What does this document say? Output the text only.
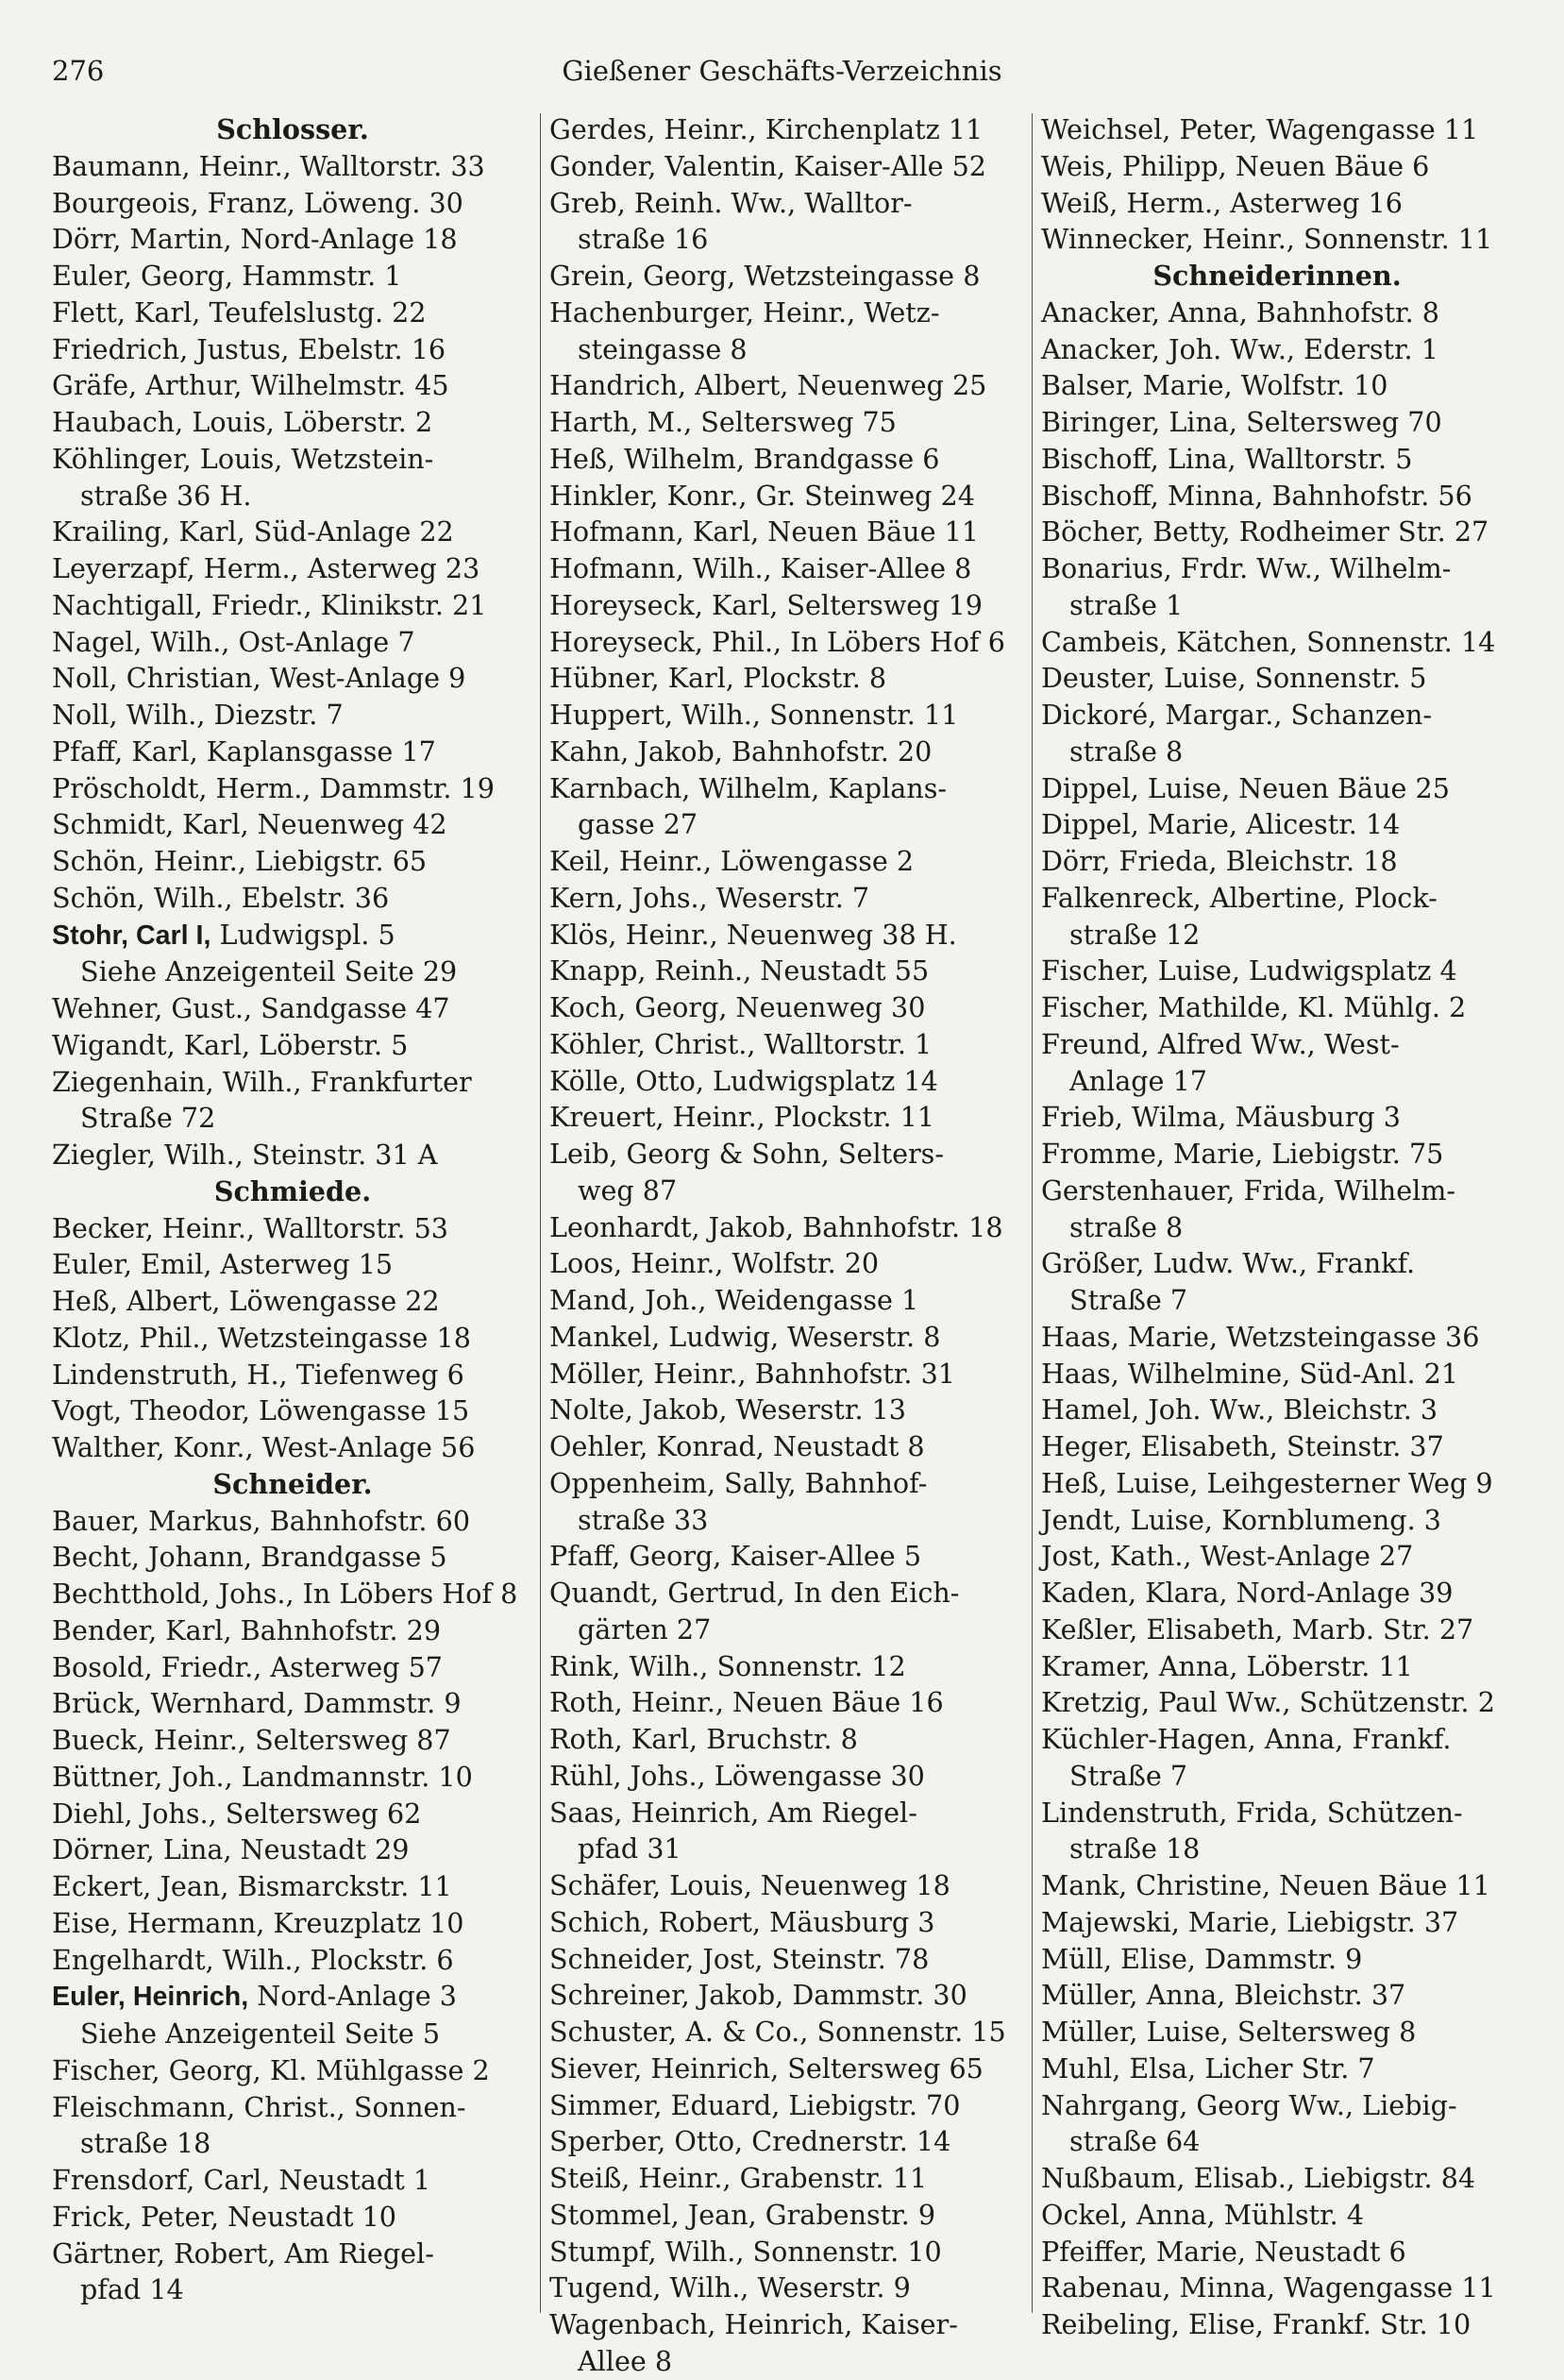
276	Gießener Geschäfts-Verzeichnis
Schlosser.
Baumann, Heinr., Walltorstr. 33
Bourgeois, Franz, Löweng. 30
Dörr, Martin, Nord-Anlage 18
Euler, Georg, Hammstr. 1
Flett, Karl, Teufelslustg. 22
Friedrich, Justus, Ebelstr. 16
Gräfe, Arthur, Wilhelmstr. 45
Haubach, Louis, Löberstr. 2
Köhlinger, Louis, Wetzstein-
straße 36 H.
Krailing, Karl, Süd-Anlage 22
Leyerzapf, Herm., Asterweg 23
Nachtigall, Friedr., Klinikstr. 21
Nagel, Wilh., Ost-Anlage 7
Noll, Christian, West-Anlage 9
Noll, Wilh., Diezstr. 7
Pfaff, Karl, Kaplansgasse 17
Pröscholdt, Herm., Dammstr. 19
Schmidt, Karl, Neuenweg 42
Schön, Heinr., Liebigstr. 65
Schön, Wilh., Ebelstr. 36
Stohr, Carl I, Ludwigspl. 5
Siehe Anzeigenteil Seite 29
Wehner, Gust., Sandgasse 47
Wigandt, Karl, Löberstr. 5
Ziegenhain, Wilh., Frankfurter
Straße 72
Ziegler, Wilh., Steinstr. 31 A
Schmiede.
Becker, Heinr., Walltorstr. 53
Euler, Emil, Asterweg 15
Heß, Albert, Löwengasse 22
Klotz, Phil., Wetzsteingasse 18
Lindenstruth, H., Tiefenweg 6
Vogt, Theodor, Löwengasse 15
Walther, Konr., West-Anlage 56
Schneider.
Bauer, Markus, Bahnhofstr. 60
Becht, Johann, Brandgasse 5
Bechtthold, Johs., In Löbers Hof 8
Bender, Karl, Bahnhofstr. 29
Bosold, Friedr., Asterweg 57
Brück, Wernhard, Dammstr. 9
Bueck, Heinr., Seltersweg 87
Büttner, Joh., Landmannstr. 10
Diehl, Johs., Seltersweg 62
Dörner, Lina, Neustadt 29
Eckert, Jean, Bismarckstr. 11
Eise, Hermann, Kreuzplatz 10
Engelhardt, Wilh., Plockstr. 6
Euler, Heinrich, Nord-Anlage 3
Siehe Anzeigenteil Seite 5
Fischer, Georg, Kl. Mühlgasse 2
Fleischmann, Christ., Sonnen-
straße 18
Frensdorf, Carl, Neustadt 1
Frick, Peter, Neustadt 10
Gärtner, Robert, Am Riegel-
pfad 14
Gerdes, Heinr., Kirchenplatz 11
Gonder, Valentin, Kaiser-Alle 52
Greb, Reinh. Ww., Walltor-
straße 16
Grein, Georg, Wetzsteingasse 8
Hachenburger, Heinr., Wetz-
steingasse 8
Handrich, Albert, Neuenweg 25
Harth, M., Seltersweg 75
Heß, Wilhelm, Brandgasse 6
Hinkler, Konr., Gr. Steinweg 24
Hofmann, Karl, Neuen Bäue 11
Hofmann, Wilh., Kaiser-Allee 8
Horeyseck, Karl, Seltersweg 19
Horeyseck, Phil., In Löbers Hof 6
Hübner, Karl, Plockstr. 8
Huppert, Wilh., Sonnenstr. 11
Kahn, Jakob, Bahnhofstr. 20
Karnbach, Wilhelm, Kaplans-
gasse 27
Keil, Heinr., Löwengasse 2
Kern, Johs., Weserstr. 7
Klös, Heinr., Neuenweg 38 H.
Knapp, Reinh., Neustadt 55
Koch, Georg, Neuenweg 30
Köhler, Christ., Walltorstr. 1
Kölle, Otto, Ludwigsplatz 14
Kreuert, Heinr., Plockstr. 11
Leib, Georg & Sohn, Selters-
weg 87
Leonhardt, Jakob, Bahnhofstr. 18
Loos, Heinr., Wolfstr. 20
Mand, Joh., Weidengasse 1
Mankel, Ludwig, Weserstr. 8
Möller, Heinr., Bahnhofstr. 31
Nolte, Jakob, Weserstr. 13
Oehler, Konrad, Neustadt 8
Oppenheim, Sally, Bahnhof-
straße 33
Pfaff, Georg, Kaiser-Allee 5
Quandt, Gertrud, In den Eich-
gärten 27
Rink, Wilh., Sonnenstr. 12
Roth, Heinr., Neuen Bäue 16
Roth, Karl, Bruchstr. 8
Rühl, Johs., Löwengasse 30
Saas, Heinrich, Am Riegel-
pfad 31
Schäfer, Louis, Neuenweg 18
Schich, Robert, Mäusburg 3
Schneider, Jost, Steinstr. 78
Schreiner, Jakob, Dammstr. 30
Schuster, A. & Co., Sonnenstr. 15
Siever, Heinrich, Seltersweg 65
Simmer, Eduard, Liebigstr. 70
Sperber, Otto, Crednerstr. 14
Steiß, Heinr., Grabenstr. 11
Stommel, Jean, Grabenstr. 9
Stumpf, Wilh., Sonnenstr. 10
Tugend, Wilh., Weserstr. 9
Wagenbach, Heinrich, Kaiser-
Allee 8
Weichsel, Peter, Wagengasse 11
Weis, Philipp, Neuen Bäue 6
Weiß, Herm., Asterweg 16
Winnecker, Heinr., Sonnenstr. 11
Schneiderinnen.
Anacker, Anna, Bahnhofstr. 8
Anacker, Joh. Ww., Ederstr. 1
Balser, Marie, Wolfstr. 10
Biringer, Lina, Seltersweg 70
Bischoff, Lina, Walltorstr. 5
Bischoff, Minna, Bahnhofstr. 56
Böcher, Betty, Rodheimer Str. 27
Bonarius, Frdr. Ww., Wilhelm-
straße 1
Cambeis, Kätchen, Sonnenstr. 14
Deuster, Luise, Sonnenstr. 5
Dickoré, Margar., Schanzen-
straße 8
Dippel, Luise, Neuen Bäue 25
Dippel, Marie, Alicestr. 14
Dörr, Frieda, Bleichstr. 18
Falkenreck, Albertine, Plock-
straße 12
Fischer, Luise, Ludwigsplatz 4
Fischer, Mathilde, Kl. Mühlg. 2
Freund, Alfred Ww., West-
Anlage 17
Frieb, Wilma, Mäusburg 3
Fromme, Marie, Liebigstr. 75
Gerstenhauer, Frida, Wilhelm-
straße 8
Größer, Ludw. Ww., Frankf.
Straße 7
Haas, Marie, Wetzsteingasse 36
Haas, Wilhelmine, Süd-Anl. 21
Hamel, Joh. Ww., Bleichstr. 3
Heger, Elisabeth, Steinstr. 37
Heß, Luise, Leihgesterner Weg 9
Jendt, Luise, Kornblumeng. 3
Jost, Kath., West-Anlage 27
Kaden, Klara, Nord-Anlage 39
Keßler, Elisabeth, Marb. Str. 27
Kramer, Anna, Löberstr. 11
Kretzig, Paul Ww., Schützenstr. 2
Küchler-Hagen, Anna, Frankf.
Straße 7
Lindenstruth, Frida, Schützen-
straße 18
Mank, Christine, Neuen Bäue 11
Majewski, Marie, Liebigstr. 37
Müll, Elise, Dammstr. 9
Müller, Anna, Bleichstr. 37
Müller, Luise, Seltersweg 8
Muhl, Elsa, Licher Str. 7
Nahrgang, Georg Ww., Liebig-
straße 64
Nußbaum, Elisab., Liebigstr. 84
Ockel, Anna, Mühlstr. 4
Pfeiffer, Marie, Neustadt 6
Rabenau, Minna, Wagengasse 11
Reibeling, Elise, Frankf. Str. 10
